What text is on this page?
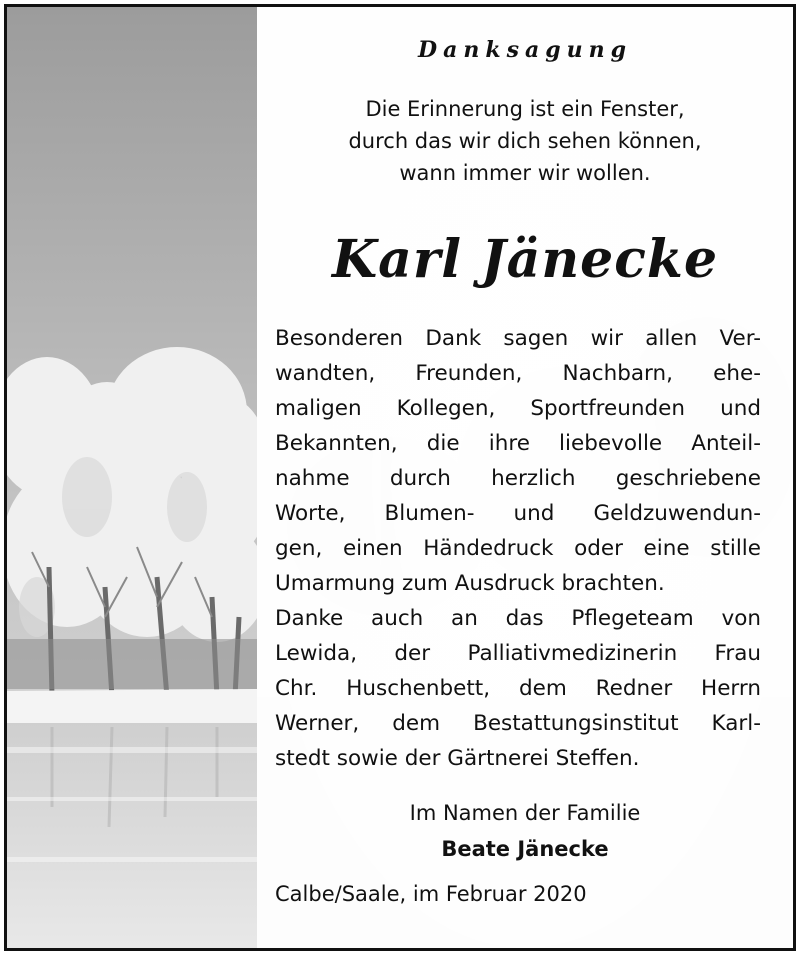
Danksagung
Die Erinnerung ist ein Fenster,
durch das wir dich sehen können,
wann immer wir wollen.
Karl Jänecke
Besonderen Dank sagen wir allen Ver-
wandten, Freunden, Nachbarn, ehe-
maligen Kollegen, Sportfreunden und
Bekannten, die ihre liebevolle Anteil-
nahme durch herzlich geschriebene
Worte, Blumen- und Geldzuwendun-
gen, einen Händedruck oder eine stille
Umarmung zum Ausdruck brachten.
Danke auch an das Pflegeteam von
Lewida, der Palliativmedizinerin Frau
Chr. Huschenbett, dem Redner Herrn
Werner, dem Bestattungsinstitut Karl-
stedt sowie der Gärtnerei Steffen.
Im Namen der Familie
Beate Jänecke
Calbe/Saale, im Februar 2020
